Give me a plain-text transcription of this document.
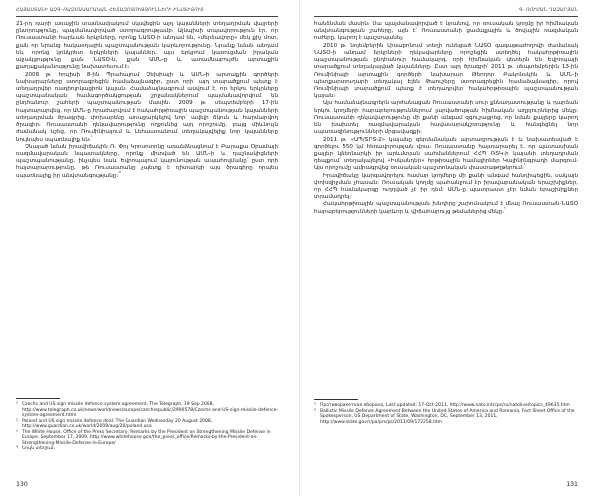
ՀԱՅԱՍՏԱՆԻ ԱԶԳ–ՌԱԶՄԱՎԱՐԱԿԱՆ ՀԵՏԱԶՈՏՈՒԹՅՈՒՆՆԵՐԻ ԻՆՍՏԻՏՈՒՏ

21-րդ դարի առաջին տասնամյակում սկսվեցին այդ կայանների տեղադրման վայրերի ընտրությունը, պայմանավորված ստորագրությամբ։ Այնպիսի տպավորություն էր, որ Ռուսաստանի հարևան երկրները, որոնք ՆԱՏՕ-ի անդամ են, «մերձավորը» մեկ քիչ մոտ, քան որ նրանց հակաօդային պաշտպանության կարևորությունը։ Նրանք նման անդամ են, որոնց կոնկրետ երկրների կայաններ, այս երկրում կառուցման իրական աջակցությունը քան ՆԱՏՕ-ն, քան ԱՄՆ-ը և ատամնաբույժն արտաքին քաղաքականությունը նախատեսում է։$^{^1}$

2008 թ. հուլիսի 8-ին Պրահայում Չեխիայի և ԱՄՆ-ի արտաքին գործերի նախարարները ստորագրեցին համաձայնագիր, ըստ որի՝ այդ տարածքում պետք է տեղադրվեր ռադիոլոկացիոն կայան։ Համաձայնագրում ասվում է, որ երկու երկրները պաշտպանական համագործակցության շրջանակներում պայմանավորվում են ընդհանուր շահերի պաշտպանության մասին։ 2009 թ. սեպտեմբերի 17-ին հայտարարվեց, որ ԱՄՆ-ը հրաժարվում է հակահրթիռային պաշտպանության կայանների տեղադրման ծրագրից, փոխարենը առաջարկելով նոր՝ ավելի ճկուն և հարմարվող ծրագիր։ Ռուսաստանի ղեկավարությունը ողջունեց այդ որոշումը, բայց միևնույն ժամանակ նշեց, որ Ռումինիայում և Լեհաստանում տեղակայվելիք նոր կայանները նույնպես սպառնալիք են։$^{^2}$

Չնայած նման իրավիճակին Ռ. Փոլ Կրոսոտոնը առանձնացնում է Բարաքա Օբամայի ռազմավարական նպատակները, որոնք միտված են ԱՄՆ-ի և դաշնակիցների պաշտպանությանը, ինչպես նաև Եվրոպայում կայունության ապահովմանը՝ ըստ որի հայտարարությունը, թե Ռուսաստանը չպետք է դիտարկի այս ծրագիրը որպես սպառնալիք իր անվտանգությանը։$^{^3^4}$

¹ Czechs and US sign missile defence system agreement, The Telegraph, 19 Sep 2008, http://www.telegraph.co.uk/news/worldnews/europe/czechrepublic/2990578/Czechs-and-US-sign-missile-defence-system-agreement.html

² Poland and US sign missile defence deal, The Guardian Wednesday 20 August 2008, http://www.guardian.co.uk/world/2008/aug/20/poland.usa

³ The White House, Office of the Press Secretary, Remarks by the President on Strengthening Missile Defense in Europe, September 17, 2009, http://www.whitehouse.gov/the_press_office/Remarks-by-the-President-on-Strengthening-Missile-Defense-in-Europe/

⁴ Նույն տեղում։

130
Գ. ՌՈՒՄԱՆ ՂԱԶԱՐՅԱՆ

հանձնման մասին։ Սա պայմանավորված է նրանով, որ ռուսական կողմը իր հիմնական անվտանգության շահերը, այն է՝ Ռուսաստանի ցամաքային և ծովային ռազմական ուժերը, կարող է պաշտպանել։

2010 թ. նոյեմբերին Լիսաբոնում տեղի ունեցած ՆԱՏՕ գագաթաժողովի ժամանակ ՆԱՏՕ-ի անդամ երկրների ղեկավարները որոշեցին ստեղծել հակահրթիռային պաշտպանության ընդհանուր համակարգ, որի հիմնական կետերն են Եվրոպայի տարածքում տեղակայված կայանները։ Ըստ այդ ծրագրի՝ 2011 թ. սեպտեմբերին 13-ին Ռումինիայի արտաքին գործերի նախարար Թեոդոր Բակոնսկին և ԱՄՆ-ի պետքարտուղարի տեղակալ Էլեն Թաուշերը ստորագրեցին համաձայնագիր, որով Ռումինիայի տարածքում պետք է տեղադրվեր հակահրթիռային պաշտպանության կայան։

Այս համաձայնագրերն արժանացան Ռուսաստանի սուր քննադատությանը և դարձան երկու կողմերի հարաբերություններում լարվածության հիմնական աղբյուրներից մեկը։ Ռուսաստանի ղեկավարությունը մի քանի անգամ զգուշացրեց, որ նման քայլերը կարող են խախտել ռազմավարական հավասարակշռությունը և հանգեցնել նոր սպառազինությունների մրցավազքի։

2011 թ. «ԱՊ/ՏՐՏ-2» կայանը գերմանական արտադրության է և նախատեսված է գործելու 550 կմ հեռավորության վրա։ Ռուսաստանը հայտարարել է, որ պատասխան քայլեր կձեռնարկի իր արևմտյան սահմաններում ՀՀՊ ՌՏԿ-ի կայանի տեղադրման դեպքում՝ տեղակայելով «Իսկանդեր» հրթիռային համալիրներ Կալինինգրադի մարզում։ Այս որոշումը ամրագրվեց ռուսական պաշտոնական փաստաթղթերում։$^{^5}$

Իրավիճակը կարգավորելու համար կողմերը մի քանի անգամ հանդիպեցին, սակայն փոխզիջման չհասան։ Ռուսական կողմը պահանջում էր իրավաբանական երաշխիքներ, որ ՀՀՊ համակարգը ուղղված չէ իր դեմ։ ԱՄՆ-ը պատրաստ չէր նման երաշխիքներ տրամադրել։

Հակահրթիռային պաշտպանության խնդիրը շարունակում է մնալ Ռուսաստան-ՆԱՏՕ հարաբերությունների կարևոր և վիճահարույց թեմաներից մեկը։$^{^6}$

⁵ Противоракетная оборона, Last updated: 17-Oct-2011, http://www.nato.int/cps/ru/natolive/topics_49635.htm

⁶ Ballistic Missile Defense Agreement Between the United States of America and Romania, Fact Sheet Office of the Spokesperson, US Department of State, Washington, DC, September 13, 2011, http://www.state.gov/r/pa/prs/ps/2011/09/172258.htm

131
